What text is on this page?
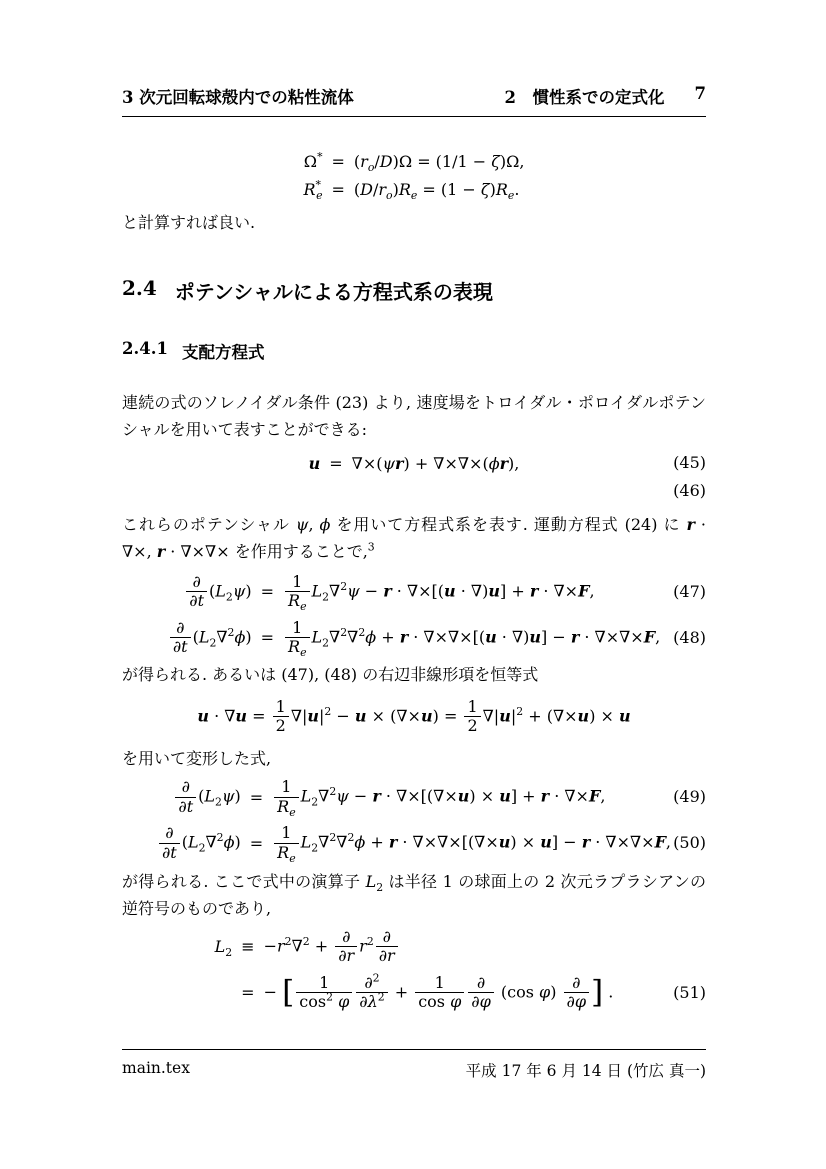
3 次元回転球殻内での粘性流体	2　慣性系での定式化 7
$\Omega^* = (r_o/D)\Omega = (1/1 - \zeta)\Omega$,
$R^*_e = (D/r_o)R_e = (1 - \zeta)R_e$.

と計算すれば良い.

2.4 ポテンシャルによる方程式系の表現
2.4.1 支配方程式

連続の式のソレノイダル条件 (23) より, 速度場をトロイダル・ポロイダルポテンシャルを用いて表すことができる:

u = ∇×(ψr) + ∇×∇×(ϕr),	(45)
(46)

これらのポテンシャル ψ, ϕ を用いて方程式系を表す. 運動方程式 (24) に r · ∇×, r · ∇×∇× を作用することで,$^3$

$\frac{\partial}{\partial t} (L_2\psi) = \frac{1}{R_e} L_2\nabla^2\psi - r \cdot \nabla\times[(u \cdot \nabla)u] + r \cdot \nabla\times F$,	(47)
$\frac{\partial}{\partial t} (L_2\nabla^2\phi) = \frac{1}{R_e} L_2\nabla^2\nabla^2\phi + r \cdot \nabla\times\nabla\times[(u \cdot \nabla)u] - r \cdot \nabla\times\nabla\times F$, (48)

が得られる. あるいは (47), (48) の右辺非線形項を恒等式

$u \cdot \nabla u = \frac{1}{2} \nabla|u|^2 - u \times (\nabla\times u) = \frac{1}{2} \nabla|u|^2 + (\nabla\times u) \times u$

を用いて変形した式,

$\frac{\partial}{\partial t} (L_2\psi) = \frac{1}{R_e} L_2\nabla^2\psi - r \cdot \nabla\times[(\nabla\times u) \times u] + r \cdot \nabla\times F$,	(49)
$\frac{\partial}{\partial t} (L_2\nabla^2\phi) = \frac{1}{R_e} L_2\nabla^2\nabla^2\phi + r \cdot \nabla\times\nabla\times[(\nabla\times u) \times u] - r \cdot \nabla\times\nabla\times F$, (50)

が得られる. ここで式中の演算子 $L_2$ は半径 1 の球面上の 2 次元ラプラシアンの逆符号のものであり,

$L_2 \equiv -r^2\nabla^2 + \frac{\partial}{\partial r} r^2 \frac{\partial}{\partial r}$
= − [ $\frac{1}{\cos^2 \varphi} \frac{\partial^2}{\partial\lambda^2} + \frac{1}{\text{cos φ}} \frac{\partial}{\partial\varphi} (\cos$ $\varphi) \frac{\partial}{\partial\varphi}$ ] .	(51)
main.tex	平成 17 年 6 月 14 日 (竹広 真一)
